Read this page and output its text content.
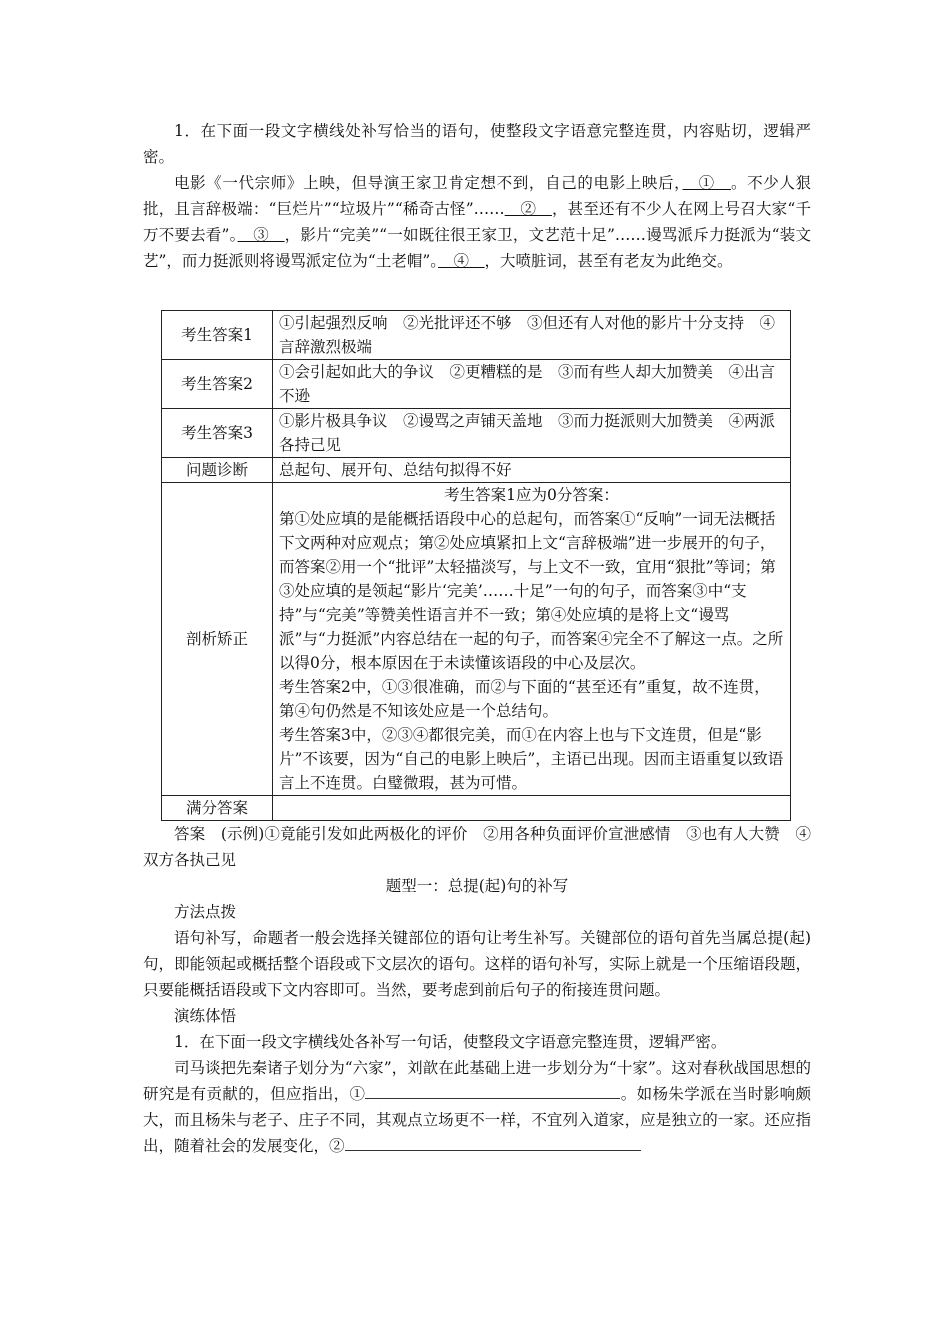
1．在下面一段文字横线处补写恰当的语句，使整段文字语意完整连贯，内容贴切，逻辑严密。

电影《一代宗师》上映，但导演王家卫肯定想不到，自己的电影上映后，　①　。不少人狠批，且言辞极端：“巨烂片”“垃圾片”“稀奇古怪”……　②　，甚至还有不少人在网上号召大家“千万不要去看”。　③　，影片“完美”“一如既往很王家卫，文艺范十足”……谩骂派斥力挺派为“装文艺”，而力挺派则将谩骂派定位为“土老帽”。　④　，大喷脏词，甚至有老友为此绝交。

考生答案1	①引起强烈反响　②光批评还不够　③但还有人对他的影片十分支持　④言辞激烈极端
考生答案2	①会引起如此大的争议　②更糟糕的是　③而有些人却大加赞美　④出言不逊
考生答案3	①影片极具争议　②谩骂之声铺天盖地　③而力挺派则大加赞美　④两派各持己见
问题诊断	总起句、展开句、总结句拟得不好
剖析矫正	考生答案1应为0分答案：
第①处应填的是能概括语段中心的总起句，而答案①“反响”一词无法概括下文两种对应观点；第②处应填紧扣上文“言辞极端”进一步展开的句子，而答案②用一个“批评”太轻描淡写，与上文不一致，宜用“狠批”等词；第③处应填的是领起“影片‘完美’……十足”一句的句子，而答案③中“支持”与“完美”等赞美性语言并不一致；第④处应填的是将上文“谩骂派”与“力挺派”内容总结在一起的句子，而答案④完全不了解这一点。之所以得0分，根本原因在于未读懂该语段的中心及层次。
考生答案2中，①③很准确，而②与下面的“甚至还有”重复，故不连贯，第④句仍然是不知该处应是一个总结句。
考生答案3中，②③④都很完美，而①在内容上也与下文连贯，但是“影片”不该要，因为“自己的电影上映后”，主语已出现。因而主语重复以致语言上不连贯。白璧微瑕，甚为可惜。

满分答案	

答案　(示例)①竟能引发如此两极化的评价　②用各种负面评价宣泄感情　③也有人大赞　④双方各执己见

题型一：总提(起)句的补写

方法点拨

语句补写，命题者一般会选择关键部位的语句让考生补写。关键部位的语句首先当属总提(起)句，即能领起或概括整个语段或下文层次的语句。这样的语句补写，实际上就是一个压缩语段题，只要能概括语段或下文内容即可。当然，要考虑到前后句子的衔接连贯问题。

演练体悟

1．在下面一段文字横线处各补写一句话，使整段文字语意完整连贯，逻辑严密。

司马谈把先秦诸子划分为“六家”，刘歆在此基础上进一步划分为“十家”。这对春秋战国思想的研究是有贡献的，但应指出，①	。如杨朱学派在当时影响颇大，而且杨朱与老子、庄子不同，其观点立场更不一样，不宜列入道家，应是独立的一家。还应指出，随着社会的发展变化，②
